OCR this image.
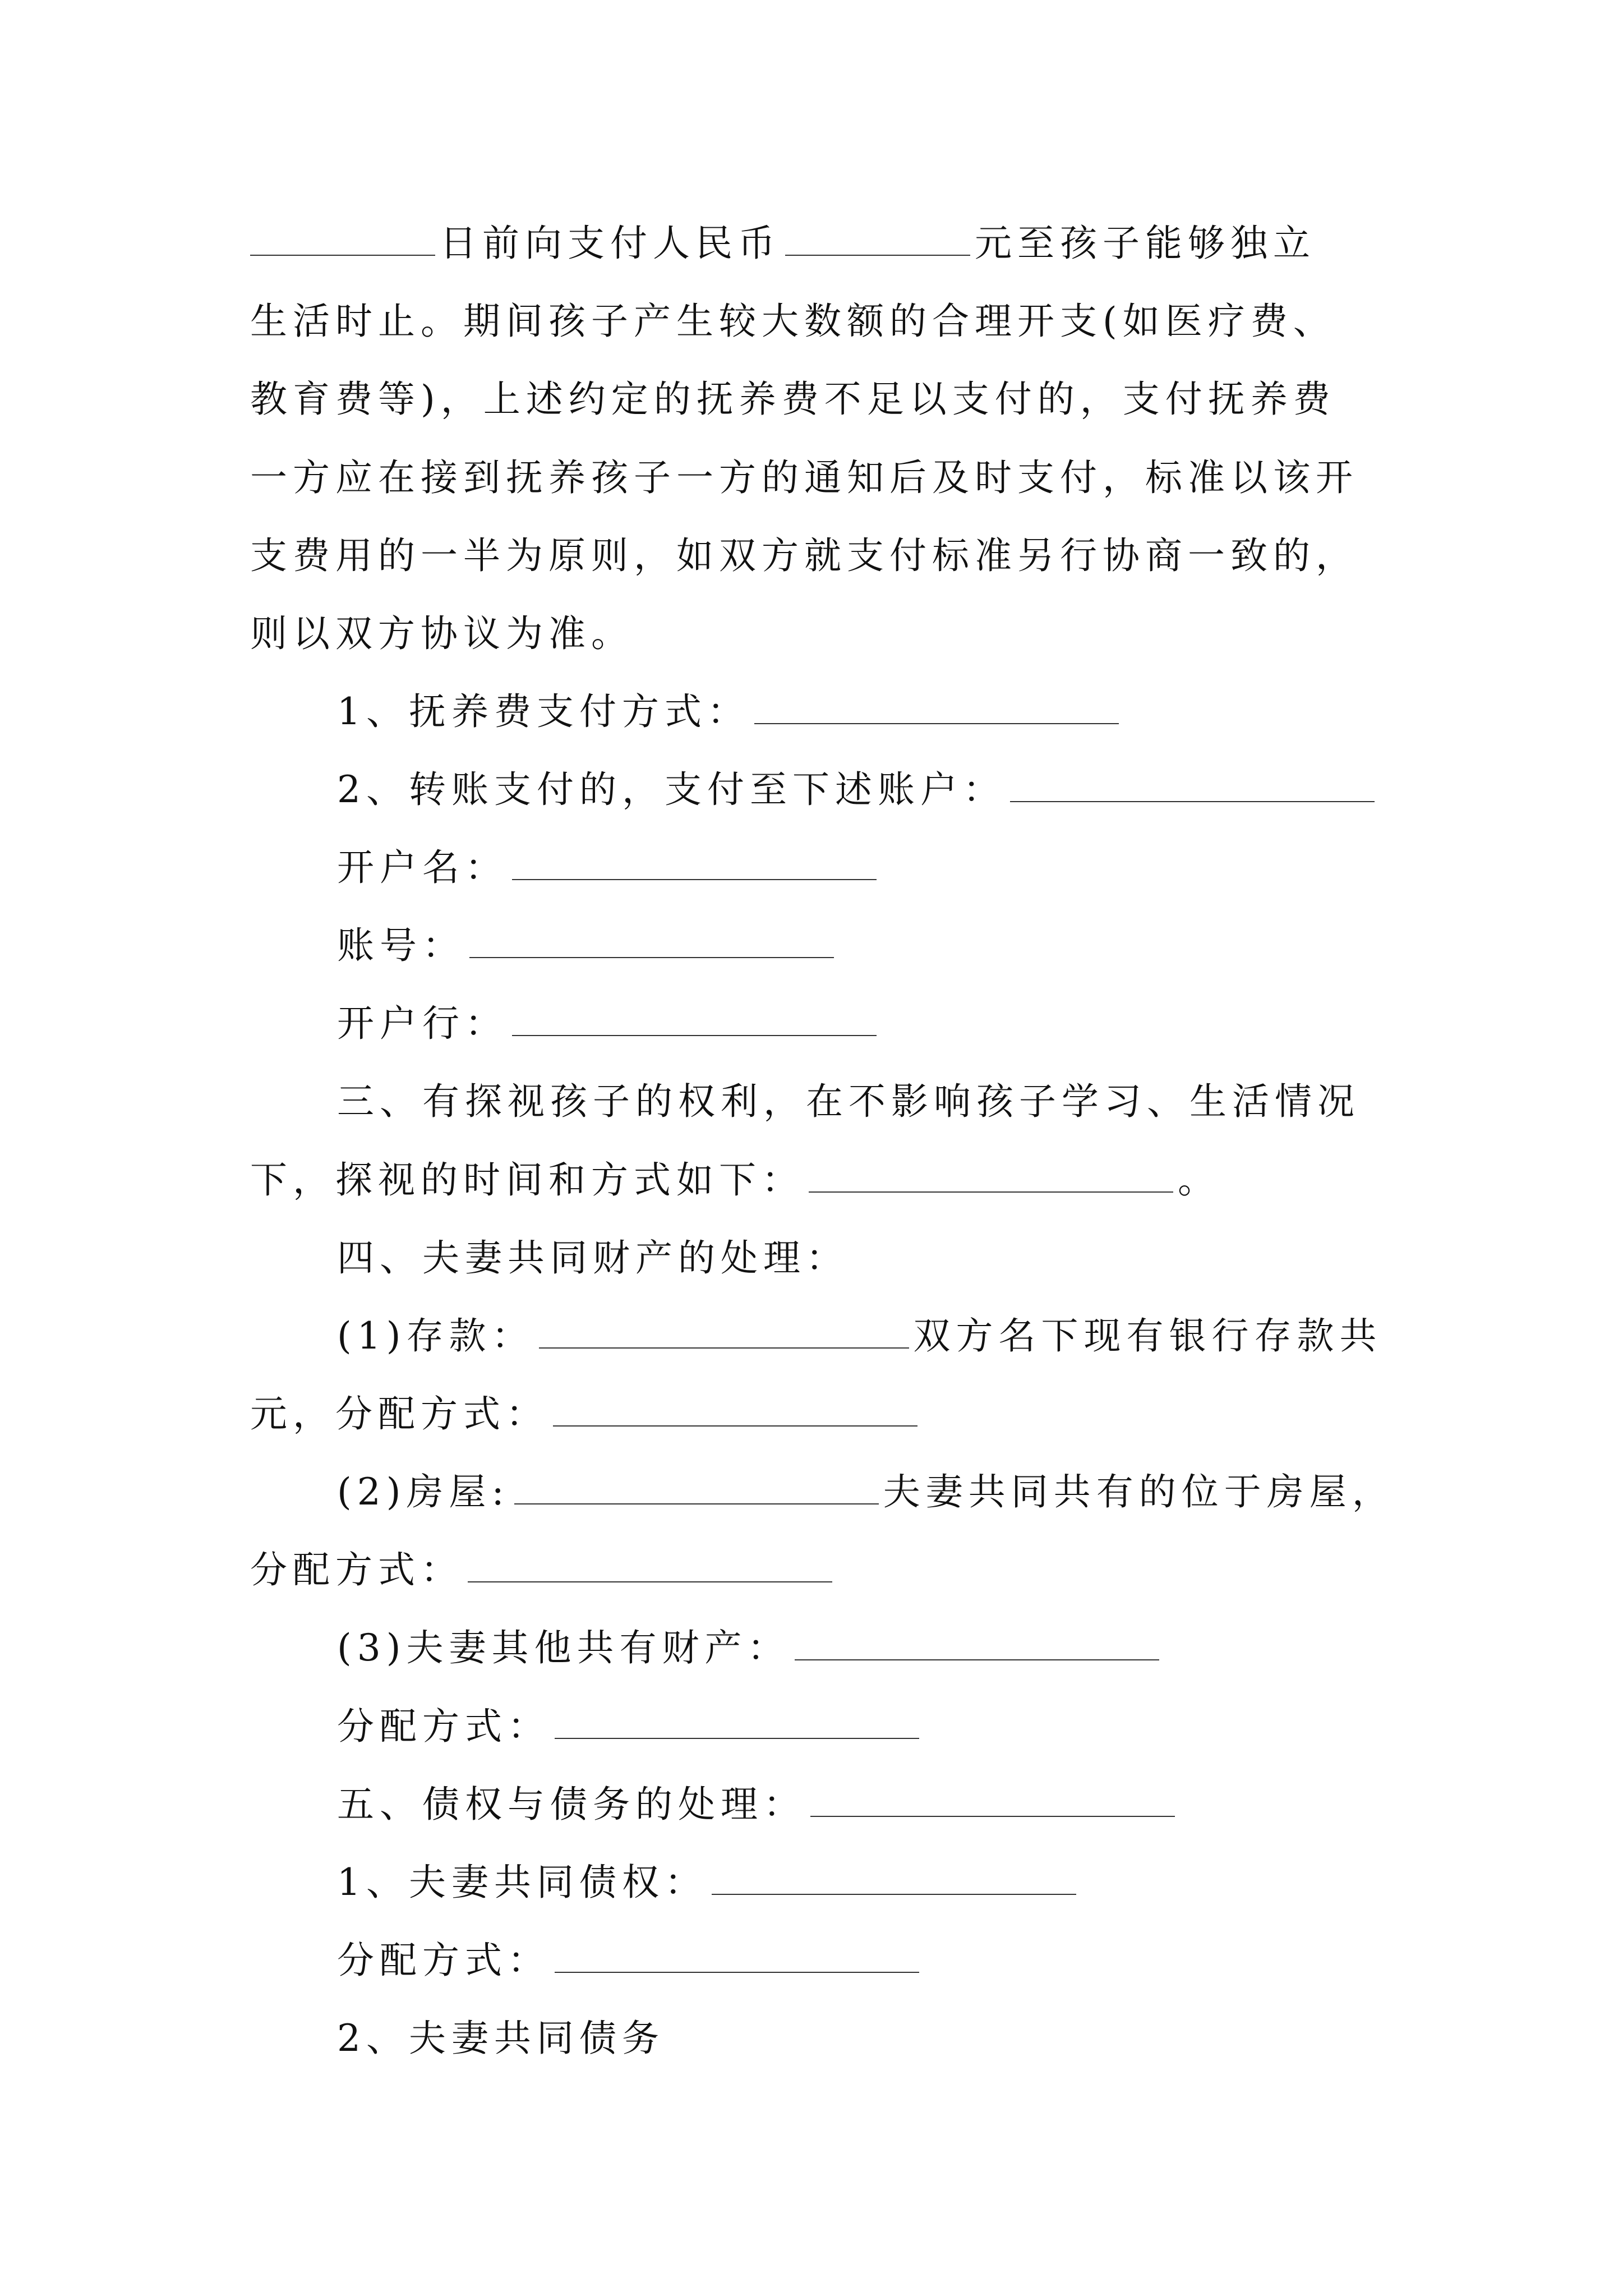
日前向支付人民币	元至孩子能够独立
生活时止。期间孩子产生较大数额的合理开支(如医疗费、
教育费等)，上述约定的抚养费不足以支付的，支付抚养费
一方应在接到抚养孩子一方的通知后及时支付，标准以该开
支费用的一半为原则，如双方就支付标准另行协商一致的，
则以双方协议为准。
1、抚养费支付方式：
2、转账支付的，支付至下述账户：
开户名：
账号：
开户行：
三、有探视孩子的权利，在不影响孩子学习、生活情况
下，探视的时间和方式如下：	。
四、夫妻共同财产的处理：
(1)存款：	双方名下现有银行存款共
元，分配方式：
(2)房屋:	夫妻共同共有的位于房屋，
分配方式：
(3)夫妻其他共有财产：
分配方式：
五、债权与债务的处理：
1、夫妻共同债权：
分配方式：
2、夫妻共同债务
